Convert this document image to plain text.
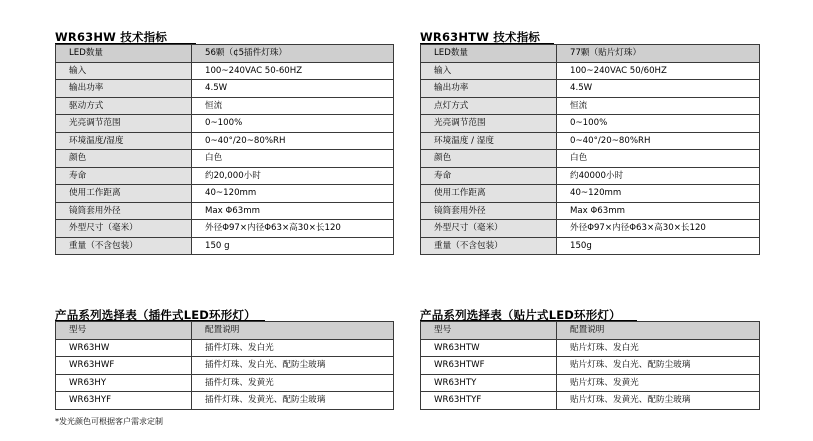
WR63HW 技术指标
LED数量	56颗（¢5插件灯珠）
输入	100~240VAC 50-60HZ
输出功率	4.5W
驱动方式	恒流
光亮调节范围	0~100%
环境温度/湿度	0~40°/20~80%RH
颜色	白色
寿命	约20,000小时
使用工作距离	40~120mm
镜筒套用外径	Max Φ63mm
外型尺寸（毫米）	外径Φ97×内径Φ63×高30×长120
重量（不含包装）	150 g
WR63HTW 技术指标
LED数量	77颗（贴片灯珠）
输入	100~240VAC 50/60HZ
输出功率	4.5W
点灯方式	恒流
光亮调节范围	0~100%
环境温度 / 湿度	0~40°/20~80%RH
颜色	白色
寿命	约40000小时
使用工作距离	40~120mm
镜筒套用外径	Max Φ63mm
外型尺寸（毫米）	外径Φ97×内径Φ63×高30×长120
重量（不含包装）	150g
产品系列选择表（插件式LED环形灯）
型号	配置说明
WR63HW	插件灯珠、发白光
WR63HWF	插件灯珠、发白光、配防尘玻璃
WR63HY	插件灯珠、发黄光
WR63HYF	插件灯珠、发黄光、配防尘玻璃
产品系列选择表（贴片式LED环形灯）
型号	配置说明
WR63HTW	贴片灯珠、发白光
WR63HTWF	贴片灯珠、发白光、配防尘玻璃
WR63HTY	贴片灯珠、发黄光
WR63HTYF	贴片灯珠、发黄光、配防尘玻璃
*发光颜色可根据客户需求定制
